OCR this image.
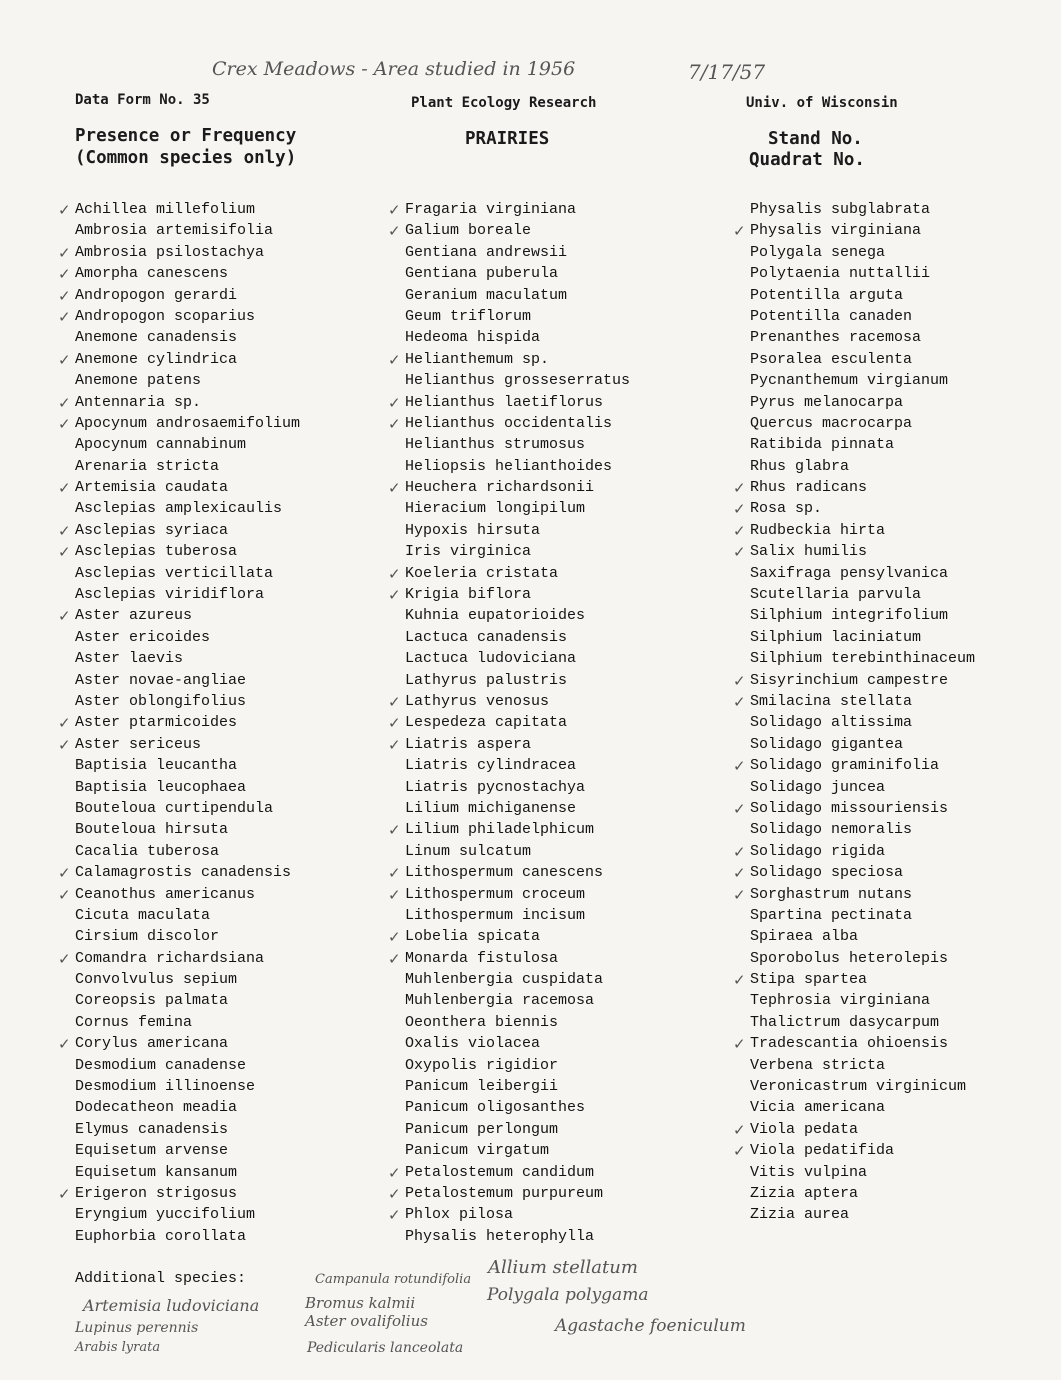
Crex Meadows - Area studied in 1956	7/17/57
Data Form No. 35	Plant Ecology Research	Univ. of Wisconsin
Presence or Frequency
(Common species only)
PRAIRIES	Stand No.
Quadrat No.
✓ Achillea millefolium
Ambrosia artemisifolia
✓ Ambrosia psilostachya
✓ Amorpha canescens
✓ Andropogon gerardi
✓ Andropogon scoparius
Anemone canadensis
✓ Anemone cylindrica
Anemone patens
✓ Antennaria sp.
✓ Apocynum androsaemifolium
Apocynum cannabinum
Arenaria stricta
✓ Artemisia caudata
Asclepias amplexicaulis
✓ Asclepias syriaca
✓ Asclepias tuberosa
Asclepias verticillata
Asclepias viridiflora
✓ Aster azureus
Aster ericoides
Aster laevis
Aster novae-angliae
Aster oblongifolius
✓ Aster ptarmicoides
✓ Aster sericeus
Baptisia leucantha
Baptisia leucophaea
Bouteloua curtipendula
Bouteloua hirsuta
Cacalia tuberosa
✓ Calamagrostis canadensis
✓ Ceanothus americanus
Cicuta maculata
Cirsium discolor
✓ Comandra richardsiana
Convolvulus sepium
Coreopsis palmata
Cornus femina
✓ Corylus americana
Desmodium canadense
Desmodium illinoense
Dodecatheon meadia
Elymus canadensis
Equisetum arvense
Equisetum kansanum
✓ Erigeron strigosus
Eryngium yuccifolium
Euphorbia corollata
✓ Fragaria virginiana
✓ Galium boreale
Gentiana andrewsii
Gentiana puberula
Geranium maculatum
Geum triflorum
Hedeoma hispida
✓ Helianthemum sp.
Helianthus grosseserratus
✓ Helianthus laetiflorus
✓ Helianthus occidentalis
Helianthus strumosus
Heliopsis helianthoides
✓ Heuchera richardsonii
Hieracium longipilum
Hypoxis hirsuta
Iris virginica
✓ Koeleria cristata
✓ Krigia biflora
Kuhnia eupatorioides
Lactuca canadensis
Lactuca ludoviciana
Lathyrus palustris
✓ Lathyrus venosus
✓ Lespedeza capitata
✓ Liatris aspera
Liatris cylindracea
Liatris pycnostachya
Lilium michiganense
✓ Lilium philadelphicum
Linum sulcatum
✓ Lithospermum canescens
✓ Lithospermum croceum
Lithospermum incisum
✓ Lobelia spicata
✓ Monarda fistulosa
Muhlenbergia cuspidata
Muhlenbergia racemosa
Oeonthera biennis
Oxalis violacea
Oxypolis rigidior
Panicum leibergii
Panicum oligosanthes
Panicum perlongum
Panicum virgatum
✓ Petalostemum candidum
✓ Petalostemum purpureum
✓ Phlox pilosa
Physalis heterophylla
Physalis subglabrata
✓ Physalis virginiana
Polygala senega
Polytaenia nuttallii
Potentilla arguta
Potentilla canaden
Prenanthes racemosa
Psoralea esculenta
Pycnanthemum virgianum
Pyrus melanocarpa
Quercus macrocarpa
Ratibida pinnata
Rhus glabra
✓ Rhus radicans
✓ Rosa sp.
✓ Rudbeckia hirta
✓ Salix humilis
Saxifraga pensylvanica
Scutellaria parvula
Silphium integrifolium
Silphium laciniatum
Silphium terebinthinaceum
✓ Sisyrinchium campestre
✓ Smilacina stellata
Solidago altissima
Solidago gigantea
✓ Solidago graminifolia
Solidago juncea
✓ Solidago missouriensis
Solidago nemoralis
✓ Solidago rigida
✓ Solidago speciosa
✓ Sorghastrum nutans
Spartina pectinata
Spiraea alba
Sporobolus heterolepis
✓ Stipa spartea
Tephrosia virginiana
Thalictrum dasycarpum
✓ Tradescantia ohioensis
Verbena stricta
Veronicastrum virginicum
Vicia americana
✓ Viola pedata
✓ Viola pedatifida
Vitis vulpina
Zizia aptera
Zizia aurea
Additional species:	Campanula rotundifolia
Allium stellatum
Artemisia ludoviciana	Bromus kalmii	Polygala polygama
Aster ovalifolius
Lupinus perennis	Agastache foeniculum
Arabis lyrata	Pedicularis lanceolata
